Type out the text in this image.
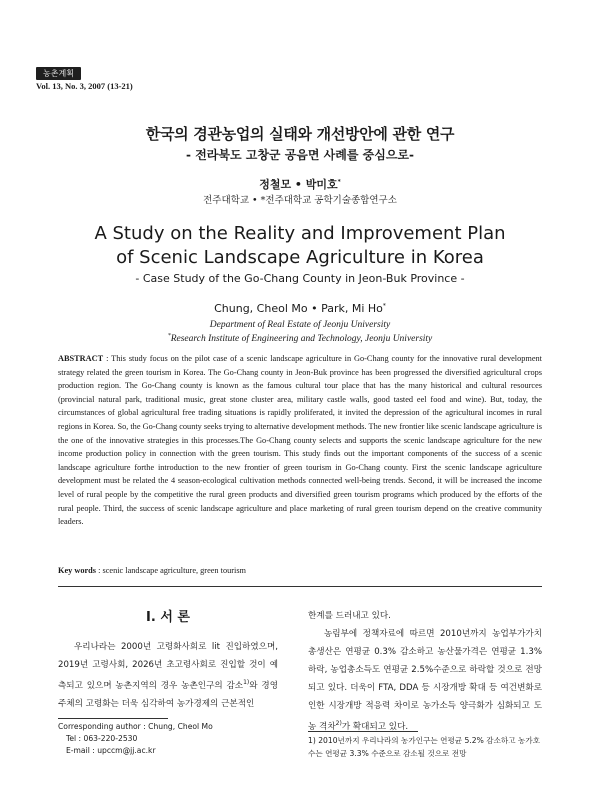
농촌계획
Vol. 13, No. 3, 2007 (13-21)
한국의 경관농업의 실태와 개선방안에 관한 연구
- 전라북도 고창군 공음면 사례를 중심으로-
정철모 • 박미호*
전주대학교 • *전주대학교 공학기술종합연구소
A Study on the Reality and Improvement Plan
of Scenic Landscape Agriculture in Korea
- Case Study of the Go-Chang County in Jeon-Buk Province -
Chung, Cheol Mo • Park, Mi Ho*
Department of Real Estate of Jeonju University
*Research Institute of Engineering and Technology, Jeonju University
ABSTRACT : This study focus on the pilot case of a scenic landscape agriculture in Go-Chang county for the innovative rural development strategy related the green tourism in Korea. The Go-Chang county in Jeon-Buk province has been progressed the diversified agricultural crops production region. The Go-Chang county is known as the famous cultural tour place that has the many historical and cultural resources (provincial natural park, traditional music, great stone cluster area, military castle walls, good tasted eel food and wine). But, today, the circumstances of global agricultural free trading situations is rapidly proliferated, it invited the depression of the agricultural incomes in rural regions in Korea. So, the Go-Chang county seeks trying to alternative development methods. The new frontier like scenic landscape agriculture is the one of the innovative strategies in this processes.The Go-Chang county selects and supports the scenic landscape agriculture for the new income production policy in connection with the green tourism. This study finds out the important components of the success of a scenic landscape agriculture forthe introduction to the new frontier of green tourism in Go-Chang county. First the scenic landscape agriculture development must be related the 4 season-ecological cultivation methods connected well-being trends. Second, it will be increased the income level of rural people by the competitive the rural green products and diversified green tourism programs which produced by the efforts of the rural people. Third, the success of scenic landscape agriculture and place marketing of rural green tourism depend on the creative community leaders.
Key words : scenic landscape agriculture, green tourism
I. 서 론

우리나라는 2000년 고령화사회로 lit 진입하였으며, 2019년 고령사회, 2026년 초고령사회로 진입할 것이 예측되고 있으며 농촌지역의 경우 농촌인구의 감소$^{1)}$와 경영주체의 고령화는 더욱 심각하여 농가경제의 근본적인

한계를 드러내고 있다.

농림부에 정책자료에 따르면 2010년까지 농업부가가치 총생산은 연평균 0.3% 감소하고 농산물가격은 연평균 1.3%하락, 농업총소득도 연평균 2.5%수준으로 하락할 것으로 전망되고 있다. 더욱이 FTA, DDA 등 시장개방 확대 등 여건변화로 인한 시장개방 적응력 차이로 농가소득 양극화가 심화되고 도농 격차$^{2)}$가 확대되고 있다.

Corresponding author : Chung, Cheol Mo
Tel : 063-220-2530
E-mail : upccm@jj.ac.kr
1) 2010년까지 우리나라의 농가인구는 연평균 5.2% 감소하고 농가호수는 연평균 3.3% 수준으로 감소될 것으로 전망
